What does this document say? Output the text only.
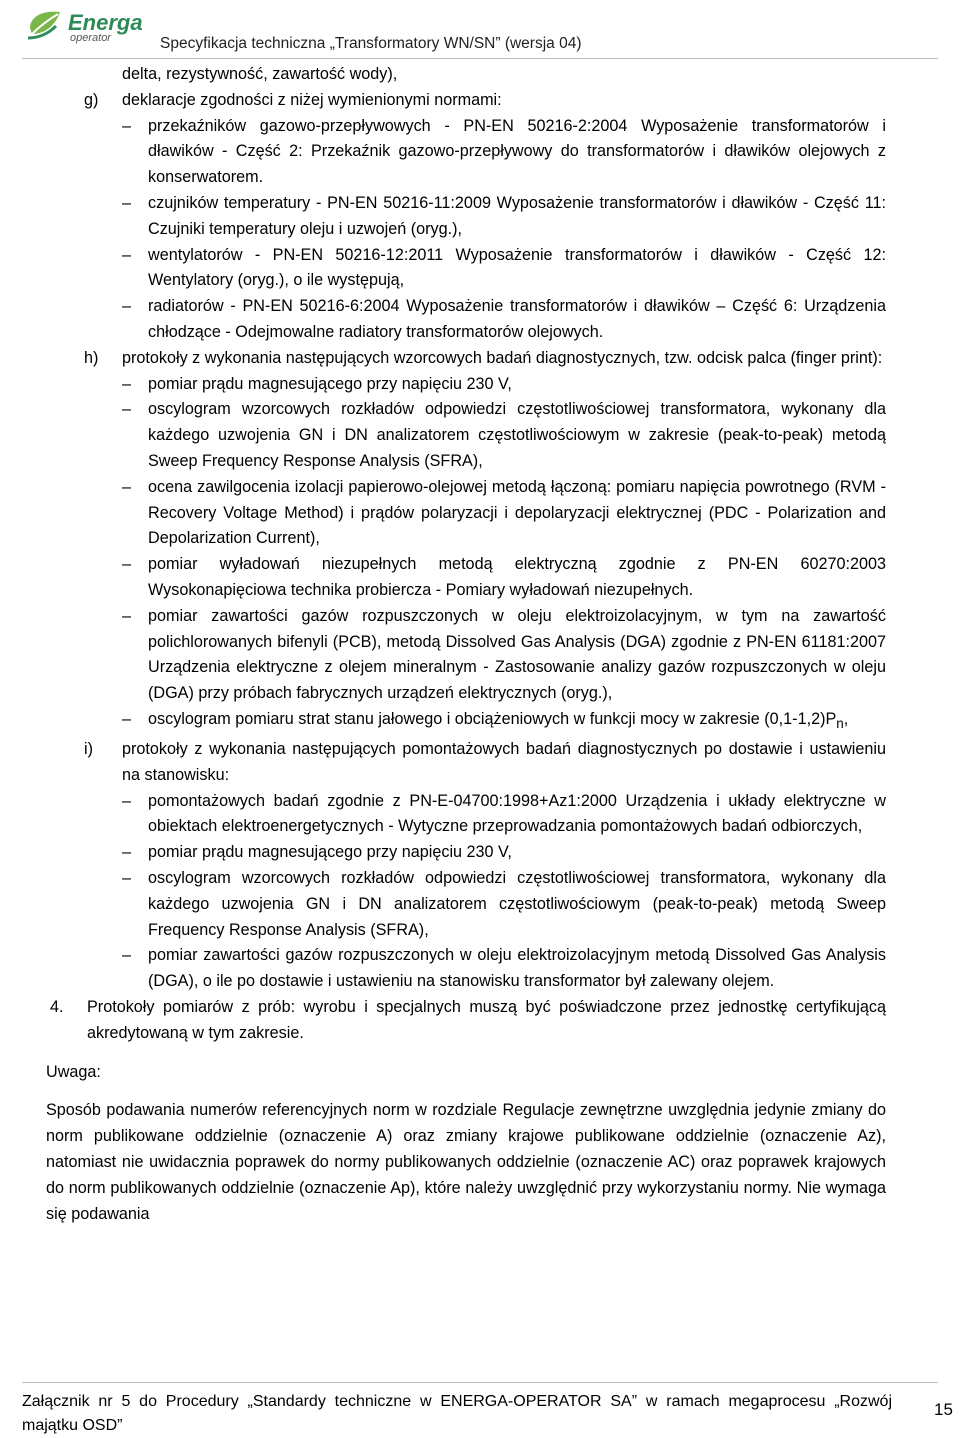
Energa
operator	Specyfikacja techniczna „Transformatory WN/SN” (wersja 04)
delta, rezystywność, zawartość wody),
g) deklaracje zgodności z niżej wymienionymi normami:
– przekaźników gazowo-przepływowych - PN-EN 50216-2:2004 Wyposażenie transformatorów i dławików - Część 2: Przekaźnik gazowo-przepływowy do transformatorów i dławików olejowych z konserwatorem.
– czujników temperatury - PN-EN 50216-11:2009 Wyposażenie transformatorów i dławików - Część 11: Czujniki temperatury oleju i uzwojeń (oryg.),
– wentylatorów - PN-EN 50216-12:2011 Wyposażenie transformatorów i dławików - Część 12: Wentylatory (oryg.), o ile występują,
– radiatorów - PN-EN 50216-6:2004 Wyposażenie transformatorów i dławików – Część 6: Urządzenia chłodzące - Odejmowalne radiatory transformatorów olejowych.
h) protokoły z wykonania następujących wzorcowych badań diagnostycznych, tzw. odcisk palca (finger print):
– pomiar prądu magnesującego przy napięciu 230 V,
– oscylogram wzorcowych rozkładów odpowiedzi częstotliwościowej transformatora, wykonany dla każdego uzwojenia GN i DN analizatorem częstotliwościowym w zakresie (peak-to-peak) metodą Sweep Frequency Response Analysis (SFRA),
– ocena zawilgocenia izolacji papierowo-olejowej metodą łączoną: pomiaru napięcia powrotnego (RVM - Recovery Voltage Method) i prądów polaryzacji i depolaryzacji elektrycznej (PDC - Polarization and Depolarization Current),
– pomiar wyładowań niezupełnych metodą elektryczną zgodnie z PN-EN 60270:2003 Wysokonapięciowa technika probiercza - Pomiary wyładowań niezupełnych.
– pomiar zawartości gazów rozpuszczonych w oleju elektroizolacyjnym, w tym na zawartość polichlorowanych bifenyli (PCB), metodą Dissolved Gas Analysis (DGA) zgodnie z PN-EN 61181:2007 Urządzenia elektryczne z olejem mineralnym - Zastosowanie analizy gazów rozpuszczonych w oleju (DGA) przy próbach fabrycznych urządzeń elektrycznych (oryg.),
– oscylogram pomiaru strat stanu jałowego i obciążeniowych w funkcji mocy w zakresie $(0,1-1,2)P_n$,
i) protokoły z wykonania następujących pomontażowych badań diagnostycznych po dostawie i ustawieniu na stanowisku:
– pomontażowych badań zgodnie z PN-E-04700:1998+Az1:2000 Urządzenia i układy elektryczne w obiektach elektroenergetycznych - Wytyczne przeprowadzania pomontażowych badań odbiorczych,
– pomiar prądu magnesującego przy napięciu 230 V,
– oscylogram wzorcowych rozkładów odpowiedzi częstotliwościowej transformatora, wykonany dla każdego uzwojenia GN i DN analizatorem częstotliwościowym (peak-to-peak) metodą Sweep Frequency Response Analysis (SFRA),
– pomiar zawartości gazów rozpuszczonych w oleju elektroizolacyjnym metodą Dissolved Gas Analysis (DGA), o ile po dostawie i ustawieniu na stanowisku transformator był zalewany olejem.
4. Protokoły pomiarów z prób: wyrobu i specjalnych muszą być poświadczone przez jednostkę certyfikującą akredytowaną w tym zakresie.
Uwaga:
Sposób podawania numerów referencyjnych norm w rozdziale Regulacje zewnętrzne uwzględnia jedynie zmiany do norm publikowane oddzielnie (oznaczenie A) oraz zmiany krajowe publikowane oddzielnie (oznaczenie Az), natomiast nie uwidacznia poprawek do normy publikowanych oddzielnie (oznaczenie AC) oraz poprawek krajowych do norm publikowanych oddzielnie (oznaczenie Ap), które należy uwzględnić przy wykorzystaniu normy. Nie wymaga się podawania
Załącznik nr 5 do Procedury „Standardy techniczne w ENERGA-OPERATOR SA” w ramach megaprocesu „Rozwój majątku OSD”
15
